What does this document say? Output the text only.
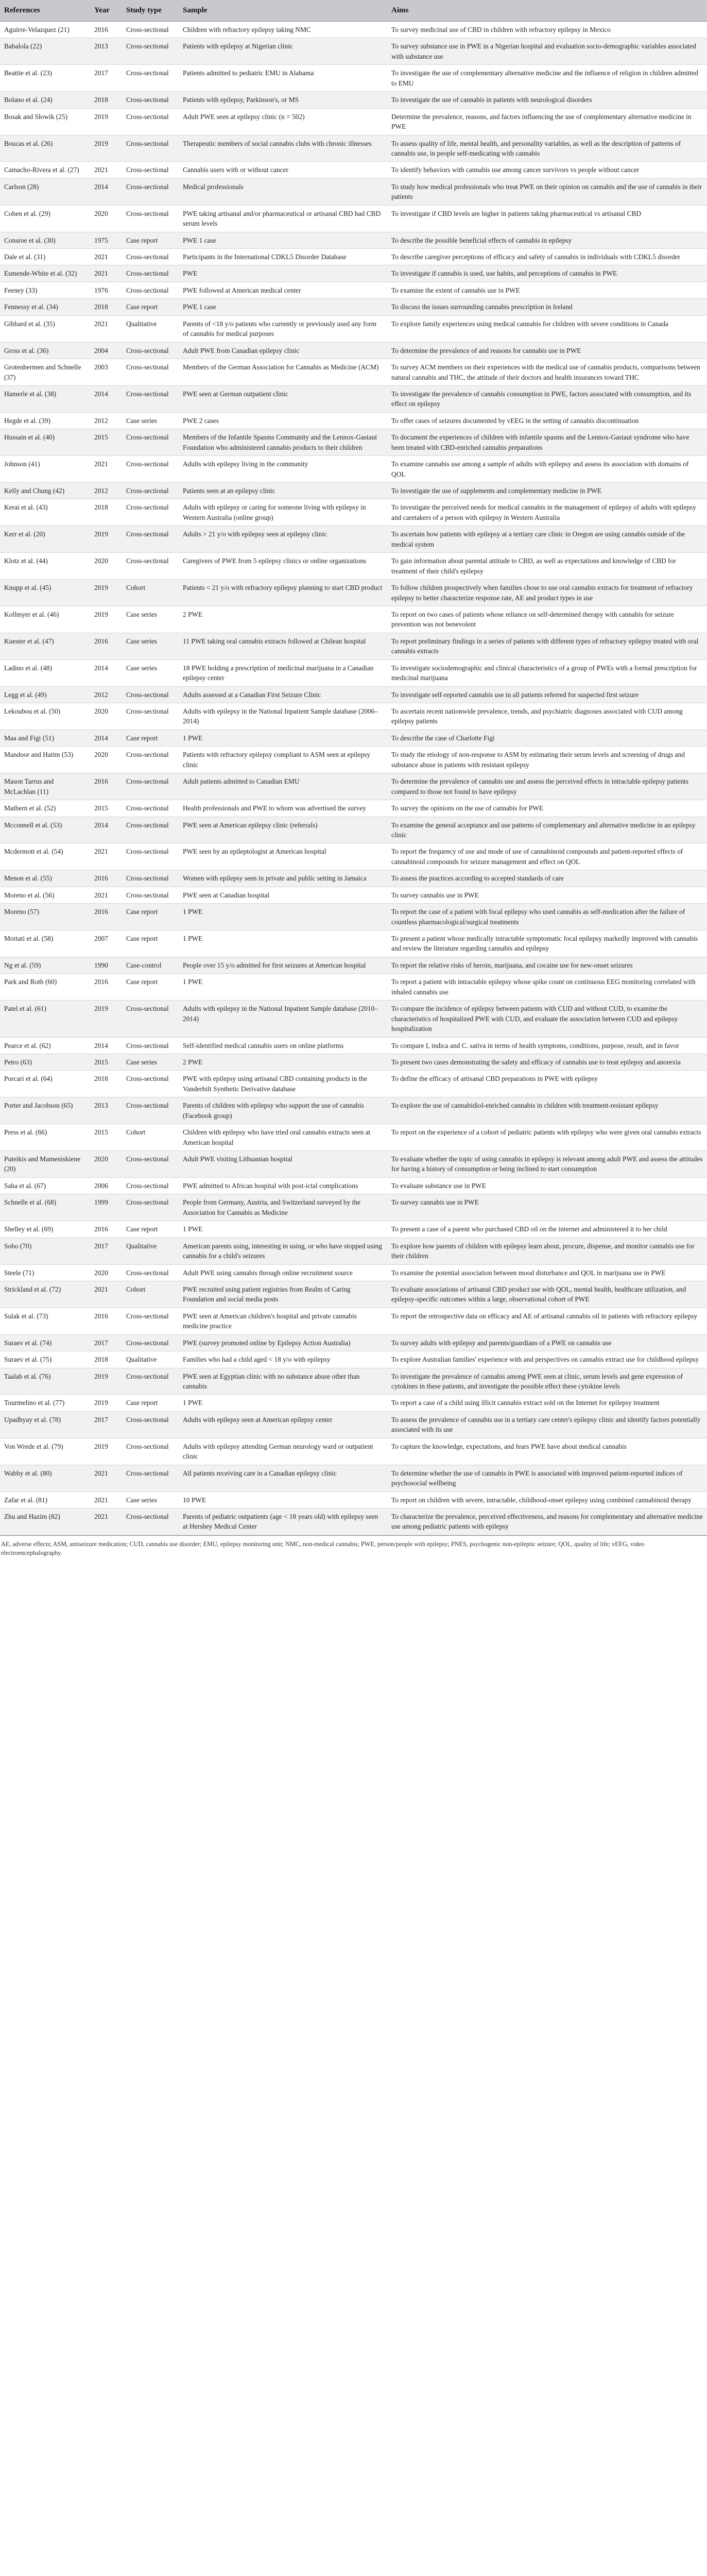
References	Year	Study type	Sample	Aims
Aguirre-Velazquez (21)	2016	Cross-sectional	Children with refractory epilepsy taking NMC	To survey medicinal use of CBD in children with refractory epilepsy in Mexico
Babalola (22)	2013	Cross-sectional	Patients with epilepsy at Nigerian clinic	To survey substance use in PWE in a Nigerian hospital and evaluation socio-demographic variables associated with substance use
Beattie et al. (23)	2017	Cross-sectional	Patients admitted to pediatric EMU in Alabama	To investigate the use of complementary alternative medicine and the influence of religion in children admitted to EMU
Bolano et al. (24)	2018	Cross-sectional	Patients with epilepsy, Parkinson's, or MS	To investigate the use of cannabis in patients with neurological disorders
Bosak and Słowik (25)	2019	Cross-sectional	Adult PWE seen at epilepsy clinic (n = 502)	Determine the prevalence, reasons, and factors influencing the use of complementary alternative medicine in PWE
Boucas et al. (26)	2019	Cross-sectional	Therapeutic members of social cannabis clubs with chronic illnesses	To assess quality of life, mental health, and personality variables, as well as the description of patterns of cannabis use, in people self-medicating with cannabis
Camacho-Rivera et al. (27)	2021	Cross-sectional	Cannabis users with or without cancer	To identify behaviors with cannabis use among cancer survivors vs people without cancer
Carlson (28)	2014	Cross-sectional	Medical professionals	To study how medical professionals who treat PWE on their opinion on cannabis and the use of cannabis in their patients
Cohen et al. (29)	2020	Cross-sectional	PWE taking artisanal and/or pharmaceutical or artisanal CBD had CBD serum levels	To investigate if CBD levels are higher in patients taking pharmaceutical vs artisanal CBD
Consroe et al. (30)	1975	Case report	PWE 1 case	To describe the possible beneficial effects of cannabis in epilepsy
Dale et al. (31)	2021	Cross-sectional	Participants in the International CDKL5 Disorder Database	To describe caregiver perceptions of efficacy and safety of cannabis in individuals with CDKL5 disorder
Esmende-White et al. (32)	2021	Cross-sectional	PWE	To investigate if cannabis is used, use habits, and perceptions of cannabis in PWE
Feeney (33)	1976	Cross-sectional	PWE followed at American medical center	To examine the extent of cannabis use in PWE
Fennessy et al. (34)	2018	Case report	PWE 1 case	To discuss the issues surrounding cannabis prescription in Ireland
Gibbard et al. (35)	2021	Qualitative	Parents of <18 y/o patients who currently or previously used any form of cannabis for medical purposes	To explore family experiences using medical cannabis for children with severe conditions in Canada
Gross et al. (36)	2004	Cross-sectional	Adult PWE from Canadian epilepsy clinic	To determine the prevalence of and reasons for cannabis use in PWE
Grotenhermen and Schnelle (37)	2003	Cross-sectional	Members of the German Association for Cannabis as Medicine (ACM)	To survey ACM members on their experiences with the medical use of cannabis products, comparisons between natural cannabis and THC, the attitude of their doctors and health insurances toward THC
Hamerle et al. (38)	2014	Cross-sectional	PWE seen at German outpatient clinic	To investigate the prevalence of cannabis consumption in PWE, factors associated with consumption, and its effect on epilepsy
Hegde et al. (39)	2012	Case series	PWE 2 cases	To offer cases of seizures documented by vEEG in the setting of cannabis discontinuation
Hussain et al. (40)	2015	Cross-sectional	Members of the Infantile Spasms Community and the Lennox-Gastaut Foundation who administered cannabis products to their children	To document the experiences of children with infantile spasms and the Lennox-Gastaut syndrome who have been treated with CBD-enriched cannabis preparations
Johnson (41)	2021	Cross-sectional	Adults with epilepsy living in the community	To examine cannabis use among a sample of adults with epilepsy and assess its association with domains of QOL
Kelly and Chung (42)	2012	Cross-sectional	Patients seen at an epilepsy clinic	To investigate the use of supplements and complementary medicine in PWE
Kerai et al. (43)	2018	Cross-sectional	Adults with epilepsy or caring for someone living with epilepsy in Western Australia (online group)	To investigate the perceived needs for medical cannabis in the management of epilepsy of adults with epilepsy and caretakers of a person with epilepsy in Western Australia
Kerr et al. (20)	2019	Cross-sectional	Adults > 21 y/o with epilepsy seen at epilepsy clinic	To ascertain how patients with epilepsy at a tertiary care clinic in Oregon are using cannabis outside of the medical system
Klotz et al. (44)	2020	Cross-sectional	Caregivers of PWE from 5 epilepsy clinics or online organizations	To gain information about parental attitude to CBD, as well as expectations and knowledge of CBD for treatment of their child's epilepsy
Knupp et al. (45)	2019	Cohort	Patients < 21 y/o with refractory epilepsy planning to start CBD product	To follow children prospectively when families chose to use oral cannabis extracts for treatment of refractory epilepsy to better characterize response rate, AE and product types in use
Kollmyer et al. (46)	2019	Case series	2 PWE	To report on two cases of patients whose reliance on self-determined therapy with cannabis for seizure prevention was not benevolent
Kuester et al. (47)	2016	Case series	11 PWE taking oral cannabis extracts followed at Chilean hospital	To report preliminary findings in a series of patients with different types of refractory epilepsy treated with oral cannabis extracts
Ladino et al. (48)	2014	Case series	18 PWE holding a prescription of medicinal marijuana in a Canadian epilepsy center	To investigate sociodemographic and clinical characteristics of a group of PWEs with a formal prescription for medicinal marijuana
Legg et al. (49)	2012	Cross-sectional	Adults assessed at a Canadian First Seizure Clinic	To investigate self-reported cannabis use in all patients referred for suspected first seizure
Lekoubou et al. (50)	2020	Cross-sectional	Adults with epilepsy in the National Inpatient Sample database (2006–2014)	To ascertain recent nationwide prevalence, trends, and psychiatric diagnoses associated with CUD among epilepsy patients
Maa and Figi (51)	2014	Case report	1 PWE	To describe the case of Charlotte Figi
Mandoor and Hatim (53)	2020	Cross-sectional	Patients with refractory epilepsy compliant to ASM seen at epilepsy clinic	To study the etiology of non-response to ASM by estimating their serum levels and screening of drugs and substance abuse in patients with resistant epilepsy
Mason Tarrus and McLachlan (11)	2016	Cross-sectional	Adult patients admitted to Canadian EMU	To determine the prevalence of cannabis use and assess the perceived effects in intractable epilepsy patients compared to those not found to have epilepsy
Mathern et al. (52)	2015	Cross-sectional	Health professionals and PWE to whom was advertised the survey	To survey the opinions on the use of cannabis for PWE
Mcconnell et al. (53)	2014	Cross-sectional	PWE seen at American epilepsy clinic (referrals)	To examine the general acceptance and use patterns of complementary and alternative medicine in an epilepsy clinic
Mcdermott et al. (54)	2021	Cross-sectional	PWE seen by an epileptologist at American hospital	To report the frequency of use and mode of use of cannabinoid compounds and patient-reported effects of cannabinoid compounds for seizure management and effect on QOL
Menon et al. (55)	2016	Cross-sectional	Women with epilepsy seen in private and public setting in Jamaica	To assess the practices according to accepted standards of care
Moreno et al. (56)	2021	Cross-sectional	PWE seen at Canadian hospital	To survey cannabis use in PWE
Moreno (57)	2016	Case report	1 PWE	To report the case of a patient with focal epilepsy who used cannabis as self-medication after the failure of countless pharmacological/surgical treatments
Mortati et al. (58)	2007	Case report	1 PWE	To present a patient whose medically intractable symptomatic focal epilepsy markedly improved with cannabis and review the literature regarding cannabis and epilepsy
Ng et al. (59)	1990	Case-control	People over 15 y/o admitted for first seizures at American hospital	To report the relative risks of heroin, marijuana, and cocaine use for new-onset seizures
Park and Roth (60)	2016	Case report	1 PWE	To report a patient with intractable epilepsy whose spike count on continuous EEG monitoring correlated with inhaled cannabis use
Patel et al. (61)	2019	Cross-sectional	Adults with epilepsy in the National Inpatient Sample database (2010–2014)	To compare the incidence of epilepsy between patients with CUD and without CUD, to examine the characteristics of hospitalized PWE with CUD, and evaluate the association between CUD and epilepsy hospitalization
Pearce et al. (62)	2014	Cross-sectional	Self-identified medical cannabis users on online platforms	To compare I, indica and C. sativa in terms of health symptoms, conditions, purpose, result, and in favor
Petro (63)	2015	Case series	2 PWE	To present two cases demonstrating the safety and efficacy of cannabis use to treat epilepsy and anorexia
Porcari et al. (64)	2018	Cross-sectional	PWE with epilepsy using artisanal CBD containing products in the Vanderbilt Synthetic Derivative database	To define the efficacy of artisanal CBD preparations in PWE with epilepsy
Porter and Jacobson (65)	2013	Cross-sectional	Parents of children with epilepsy who support the use of cannabis (Facebook group)	To explore the use of cannabidiol-enriched cannabis in children with treatment-resistant epilepsy
Press et al. (66)	2015	Cohort	Children with epilepsy who have tried oral cannabis extracts seen at American hospital	To report on the experience of a cohort of pediatric patients with epilepsy who were given oral cannabis extracts
Puteikis and Mameniskiene (20)	2020	Cross-sectional	Adult PWE visiting Lithuanian hospital	To evaluate whether the topic of using cannabis in epilepsy is relevant among adult PWE and assess the attitudes for having a history of consumption or being inclined to start consumption
Saha et al. (67)	2006	Cross-sectional	PWE admitted to African hospital with post-ictal complications	To evaluate substance use in PWE
Schnelle et al. (68)	1999	Cross-sectional	People from Germany, Austria, and Switzerland surveyed by the Association for Cannabis as Medicine	To survey cannabis use in PWE
Shelley et al. (69)	2016	Case report	1 PWE	To present a case of a parent who purchased CBD oil on the internet and administered it to her child
Sobo (70)	2017	Qualitative	American parents using, interesting in using, or who have stopped using cannabis for a child's seizures	To explore how parents of children with epilepsy learn about, procure, dispense, and monitor cannabis use for their children
Steele (71)	2020	Cross-sectional	Adult PWE using cannabis through online recruitment source	To examine the potential association between mood disturbance and QOL in marijuana use in PWE
Strickland et al. (72)	2021	Cohort	PWE recruited using patient registries from Realm of Caring Foundation and social media posts	To evaluate associations of artisanal CBD product use with QOL, mental health, healthcare utilization, and epilepsy-specific outcomes within a large, observational cohort of PWE
Sulak et al. (73)	2016	Cross-sectional	PWE seen at American children's hospital and private cannabis medicine practice	To report the retrospective data on efficacy and AE of artisanal cannabis oil in patients with refractory epilepsy
Suraev et al. (74)	2017	Cross-sectional	PWE (survey promoted online by Epilepsy Action Australia)	To survey adults with epilepsy and parents/guardians of a PWE on cannabis use
Suraev et al. (75)	2018	Qualitative	Families who had a child aged < 18 y/o with epilepsy	To explore Australian families' experience with and perspectives on cannabis extract use for childhood epilepsy
Taalab et al. (76)	2019	Cross-sectional	PWE seen at Egyptian clinic with no substance abuse other than cannabis	To investigate the prevalence of cannabis among PWE seen at clinic, serum levels and gene expression of cytokines in these patients, and investigate the possible effect these cytokine levels
Tourmelino et al. (77)	2019	Case report	1 PWE	To report a case of a child using illicit cannabis extract sold on the Internet for epilepsy treatment
Upadhyay et al. (78)	2017	Cross-sectional	Adults with epilepsy seen at American epilepsy center	To assess the prevalence of cannabis use in a tertiary care center's epilepsy clinic and identify factors potentially associated with its use
Von Wrede et al. (79)	2019	Cross-sectional	Adults with epilepsy attending German neurology ward or outpatient clinic	To capture the knowledge, expectations, and fears PWE have about medical cannabis
Wabby et al. (80)	2021	Cross-sectional	All patients receiving care in a Canadian epilepsy clinic	To determine whether the use of cannabis in PWE is associated with improved patient-reported indices of psychosocial wellbeing
Zafar et al. (81)	2021	Case series	10 PWE	To report on children with severe, intractable, childhood-onset epilepsy using combined cannabinoid therapy
Zhu and Hazim (82)	2021	Cross-sectional	Parents of pediatric outpatients (age < 18 years old) with epilepsy seen at Hershey Medical Center	To characterize the prevalence, perceived effectiveness, and reasons for complementary and alternative medicine use among pediatric patients with epilepsy
AE, adverse effects; ASM, antiseizure medication; CUD, cannabis use disorder; EMU, epilepsy monitoring unit; NMC, non-medical cannabis; PWE, person/people with epilepsy; PNES, psychogenic non-epileptic seizure; QOL, quality of life; vEEG, video electroencephalography.
